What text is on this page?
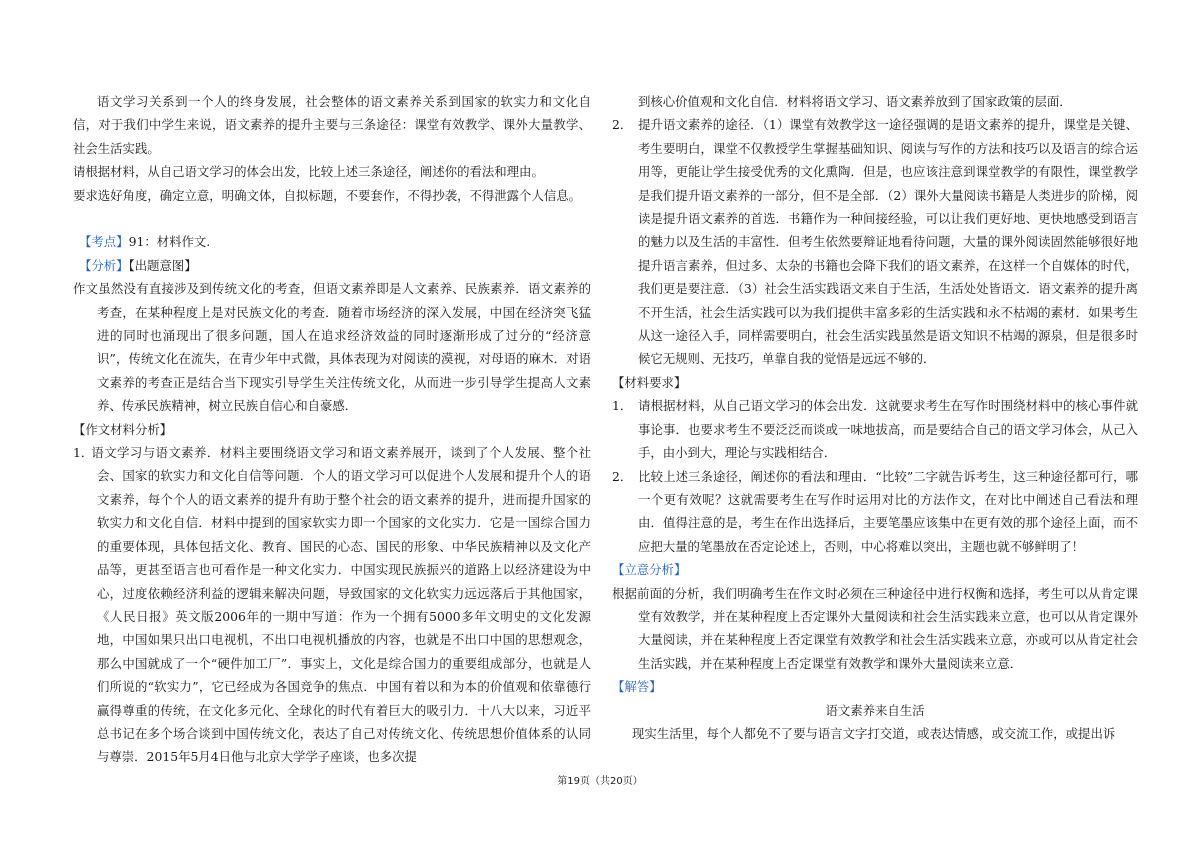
语文学习关系到一个人的终身发展，社会整体的语文素养关系到国家的软实力和文化自信，对于我们中学生来说，语文素养的提升主要与三条途径：课堂有效教学、课外大量教学、社会生活实践。

请根据材料，从自己语文学习的体会出发，比较上述三条途径，阐述你的看法和理由。

要求选好角度，确定立意，明确文体，自拟标题，不要套作，不得抄袭，不得泄露个人信息。

【考点】91：材料作文.

【分析】【出题意图】

作文虽然没有直接涉及到传统文化的考查，但语文素养即是人文素养、民族素养．语文素养的考查，在某种程度上是对民族文化的考查．随着市场经济的深入发展，中国在经济突飞猛进的同时也涌现出了很多问题，国人在追求经济效益的同时逐渐形成了过分的“经济意识”，传统文化在流失，在青少年中式微，具体表现为对阅读的漠视，对母语的麻木．对语文素养的考查正是结合当下现实引导学生关注传统文化，从而进一步引导学生提高人文素养、传承民族精神，树立民族自信心和自豪感．

【作文材料分析】

1．语文学习与语文素养．材料主要围绕语文学习和语文素养展开，谈到了个人发展、整个社会、国家的软实力和文化自信等问题．个人的语文学习可以促进个人发展和提升个人的语文素养，每个个人的语文素养的提升有助于整个社会的语文素养的提升，进而提升国家的软实力和文化自信．材料中提到的国家软实力即一个国家的文化实力．它是一国综合国力的重要体现，具体包括文化、教育、国民的心态、国民的形象、中华民族精神以及文化产品等，更甚至语言也可看作是一种文化实力．中国实现民族振兴的道路上以经济建设为中心，过度依赖经济利益的逻辑来解决问题，导致国家的文化软实力远远落后于其他国家，《人民日报》英文版2006年的一期中写道：作为一个拥有5000多年文明史的文化发源地，中国如果只出口电视机，不出口电视机播放的内容，也就是不出口中国的思想观念，那么中国就成了一个“硬件加工厂”．事实上，文化是综合国力的重要组成部分，也就是人们所说的“软实力”，它已经成为各国竞争的焦点．中国有着以和为本的价值观和依靠德行赢得尊重的传统，在文化多元化、全球化的时代有着巨大的吸引力．十八大以来，习近平总书记在多个场合谈到中国传统文化，表达了自己对传统文化、传统思想价值体系的认同与尊崇．2015年5月4日他与北京大学学子座谈，也多次提

到核心价值观和文化自信．材料将语文学习、语文素养放到了国家政策的层面．

2． 提升语文素养的途径．（1）课堂有效教学这一途径强调的是语文素养的提升，课堂是关键、考生要明白，课堂不仅教授学生掌握基础知识、阅读与写作的方法和技巧以及语言的综合运用等，更能让学生接受优秀的文化熏陶．但是，也应该注意到课堂教学的有限性，课堂教学是我们提升语文素养的一部分，但不是全部．（2）课外大量阅读书籍是人类进步的阶梯，阅读是提升语文素养的首选．书籍作为一种间接经验，可以让我们更好地、更快地感受到语言的魅力以及生活的丰富性．但考生依然要辩证地看待问题，大量的课外阅读固然能够很好地提升语言素养，但过多、太杂的书籍也会降下我们的语文素养，在这样一个自媒体的时代，我们更是要注意．（3）社会生活实践语文来自于生活，生活处处皆语文．语文素养的提升离不开生活，社会生活实践可以为我们提供丰富多彩的生活实践和永不枯竭的素材．如果考生从这一途径入手，同样需要明白，社会生活实践虽然是语文知识不枯竭的源泉，但是很多时候它无规则、无技巧，单靠自我的觉悟是远远不够的．

【材料要求】

1． 请根据材料，从自己语文学习的体会出发．这就要求考生在写作时围绕材料中的核心事件就事论事．也要求考生不要泛泛而谈或一味地拔高，而是要结合自己的语文学习体会，从己入手，由小到大，理论与实践相结合．

2． 比较上述三条途径，阐述你的看法和理由．“比较”二字就告诉考生，这三种途径都可行，哪一个更有效呢？这就需要考生在写作时运用对比的方法作文，在对比中阐述自己看法和理由．值得注意的是，考生在作出选择后，主要笔墨应该集中在更有效的那个途径上面，而不应把大量的笔墨放在否定论述上，否则，中心将难以突出，主题也就不够鲜明了！

【立意分析】

根据前面的分析，我们明确考生在作文时必须在三种途径中进行权衡和选择，考生可以从肯定课堂有效教学，并在某种程度上否定课外大量阅读和社会生活实践来立意，也可以从肯定课外大量阅读，并在某种程度上否定课堂有效教学和社会生活实践来立意，亦或可以从肯定社会生活实践，并在某种程度上否定课堂有效教学和课外大量阅读来立意．

【解答】

语文素养来自生活

现实生活里，每个人都免不了要与语言文字打交道，或表达情感，或交流工作，或提出诉

第19页（共20页）
